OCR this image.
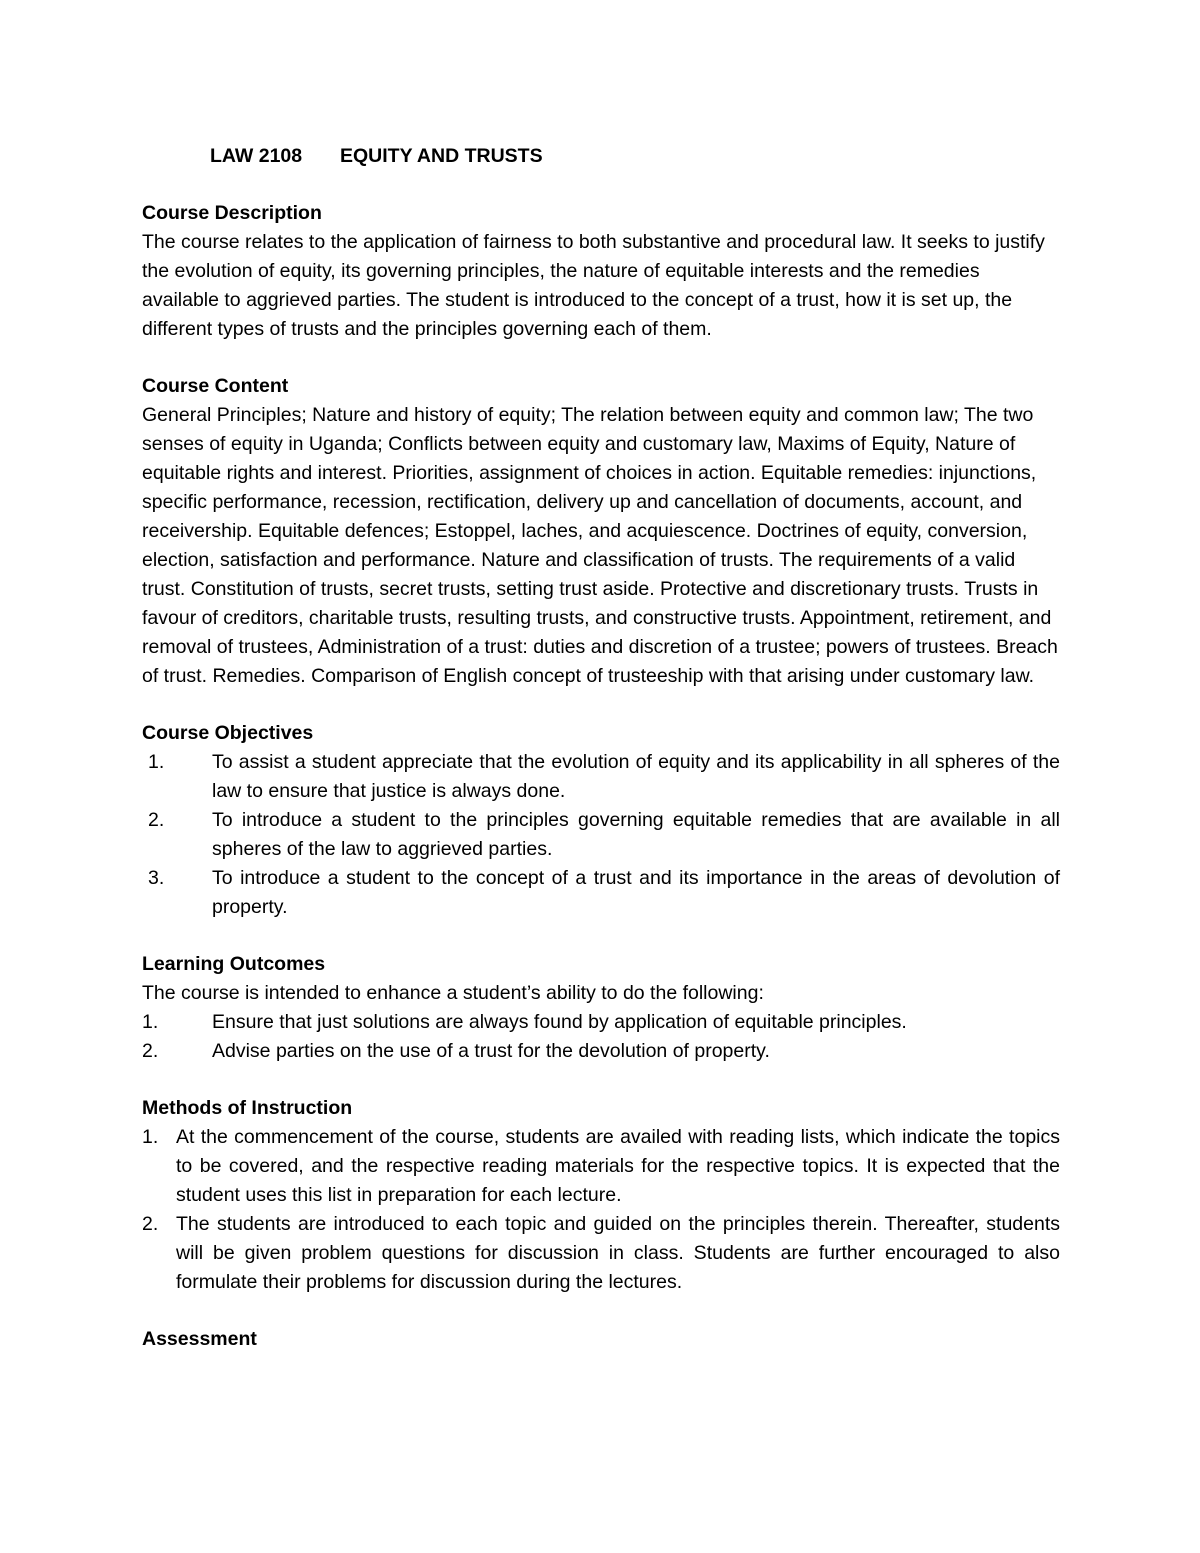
LAW 2108 EQUITY AND TRUSTS

Course Description

The course relates to the application of fairness to both substantive and procedural law. It seeks to justify the evolution of equity, its governing principles, the nature of equitable interests and the remedies available to aggrieved parties. The student is introduced to the concept of a trust, how it is set up, the different types of trusts and the principles governing each of them.

Course Content

General Principles; Nature and history of equity; The relation between equity and common law; The two senses of equity in Uganda; Conflicts between equity and customary law, Maxims of Equity, Nature of equitable rights and interest. Priorities, assignment of choices in action. Equitable remedies: injunctions, specific performance, recession, rectification, delivery up and cancellation of documents, account, and receivership. Equitable defences; Estoppel, laches, and acquiescence. Doctrines of equity, conversion, election, satisfaction and performance. Nature and classification of trusts. The requirements of a valid trust. Constitution of trusts, secret trusts, setting trust aside. Protective and discretionary trusts. Trusts in favour of creditors, charitable trusts, resulting trusts, and constructive trusts. Appointment, retirement, and removal of trustees, Administration of a trust: duties and discretion of a trustee; powers of trustees. Breach of trust. Remedies. Comparison of English concept of trusteeship with that arising under customary law.

Course Objectives

1. To assist a student appreciate that the evolution of equity and its applicability in all spheres of the law to ensure that justice is always done.
2. To introduce a student to the principles governing equitable remedies that are available in all spheres of the law to aggrieved parties.
3. To introduce a student to the concept of a trust and its importance in the areas of devolution of property.

Learning Outcomes

The course is intended to enhance a student’s ability to do the following:

1.	Ensure that just solutions are always found by application of equitable principles.
2.	Advise parties on the use of a trust for the devolution of property.

Methods of Instruction

1. At the commencement of the course, students are availed with reading lists, which indicate the topics to be covered, and the respective reading materials for the respective topics. It is expected that the student uses this list in preparation for each lecture.
2. The students are introduced to each topic and guided on the principles therein. Thereafter, students will be given problem questions for discussion in class. Students are further encouraged to also formulate their problems for discussion during the lectures.

Assessment
